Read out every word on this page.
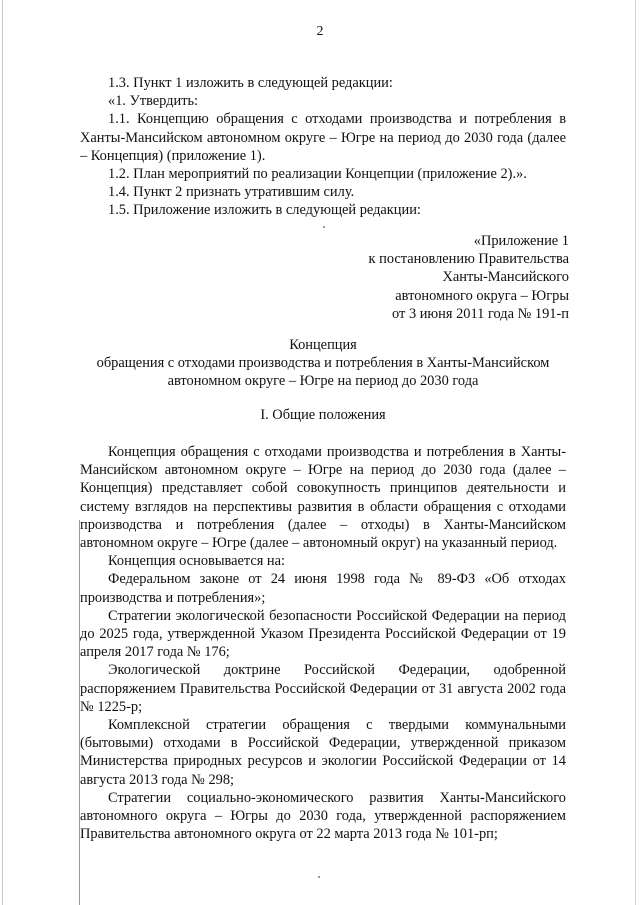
2

1.3. Пункт 1 изложить в следующей редакции:

«1. Утвердить:

1.1. Концепцию обращения с отходами производства и потребления в Ханты-Мансийском автономном округе – Югре на период до 2030 года (далее – Концепция) (приложение 1).

1.2. План мероприятий по реализации Концепции (приложение 2).».

1.4. Пункт 2 признать утратившим силу.

1.5. Приложение изложить в следующей редакции:

«Приложение 1
к постановлению Правительства
Ханты-Мансийского
автономного округа – Югры
от 3 июня 2011 года № 191-п
Концепция
обращения с отходами производства и потребления в Ханты-Мансийском
автономном округе – Югре на период до 2030 года
I. Общие положения

Концепция обращения с отходами производства и потребления в Ханты-Мансийском автономном округе – Югре на период до 2030 года (далее – Концепция) представляет собой совокупность принципов деятельности и систему взглядов на перспективы развития в области обращения с отходами производства и потребления (далее – отходы) в Ханты-Мансийском автономном округе – Югре (далее – автономный округ) на указанный период.

Концепция основывается на:

Федеральном законе от 24 июня 1998 года № 89-ФЗ «Об отходах производства и потребления»;

Стратегии экологической безопасности Российской Федерации на период до 2025 года, утвержденной Указом Президента Российской Федерации от 19 апреля 2017 года № 176;

Экологической доктрине Российской Федерации, одобренной распоряжением Правительства Российской Федерации от 31 августа 2002 года № 1225-р;

Комплексной стратегии обращения с твердыми коммунальными (бытовыми) отходами в Российской Федерации, утвержденной приказом Министерства природных ресурсов и экологии Российской Федерации от 14 августа 2013 года № 298;

Стратегии социально-экономического развития Ханты-Мансийского автономного округа – Югры до 2030 года, утвержденной распоряжением Правительства автономного округа от 22 марта 2013 года № 101-рп;
